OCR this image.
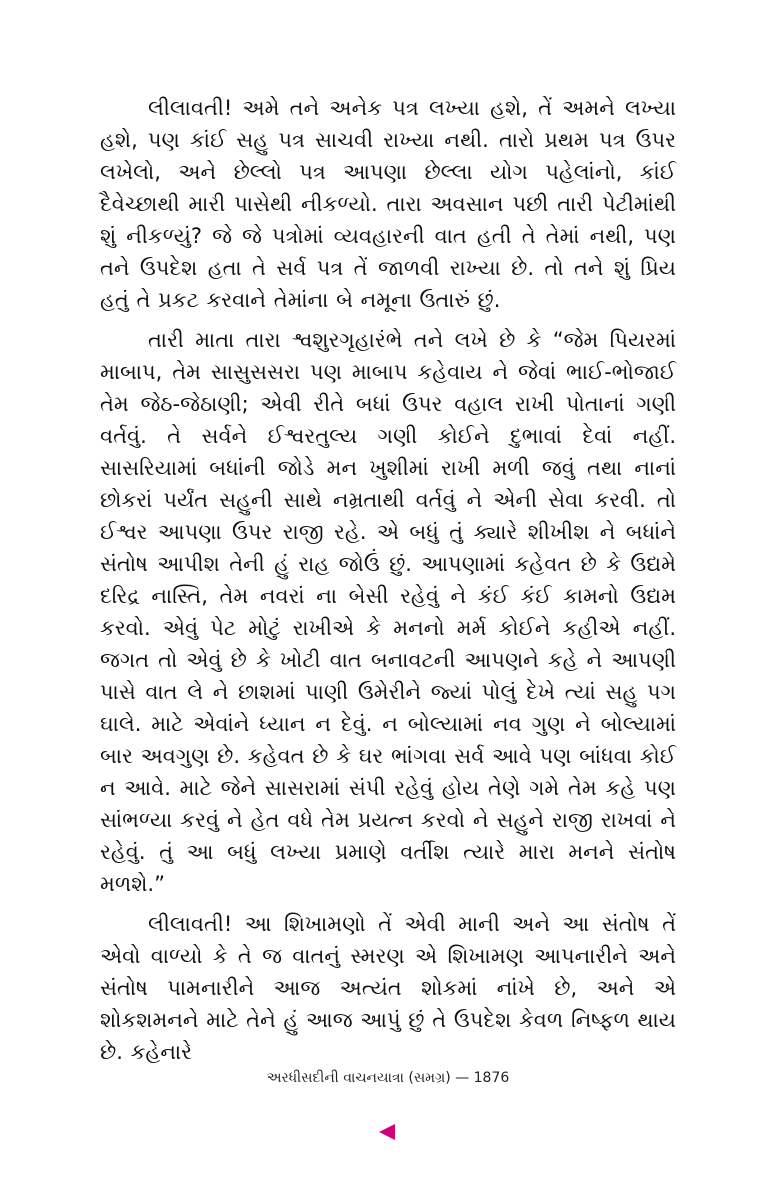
લીલાવતી! અમે તને અનેક પત્ર લખ્યા હશે, તેં અમને લખ્યા હશે, પણ કાંઈ સહુ પત્ર સાચવી રાખ્યા નથી. તારો પ્રથમ પત્ર ઉપર લખેલો, અને છેલ્લો પત્ર આપણા છેલ્લા યોગ પહેલાંનો, કાંઈ દૈવેચ્છાથી મારી પાસેથી નીકળ્યો. તારા અવસાન પછી તારી પેટીમાંથી શું નીકળ્યું? જે જે પત્રોમાં વ્યવહારની વાત હતી તે તેમાં નથી, પણ તને ઉપદેશ હતા તે સર્વ પત્ર તેં જાળવી રાખ્યા છે. તો તને શું પ્રિય હતું તે પ્રકટ કરવાને તેમાંના બે નમૂના ઉતારું છું.

તારી માતા તારા શ્વશુરગૃહારંભે તને લખે છે કે “જેમ પિયરમાં માબાપ, તેમ સાસુસસરા પણ માબાપ કહેવાય ને જેવાં ભાઈ-ભોજાઈ તેમ જેઠ-જેઠાણી; એવી રીતે બધાં ઉપર વહાલ રાખી પોતાનાં ગણી વર્તવું. તે સર્વને ઈશ્વરતુલ્ય ગણી કોઈને દુભાવાં દેવાં નહીં. સાસરિયામાં બધાંની જોડે મન ખુશીમાં રાખી મળી જવું તથા નાનાં છોકરાં પર્યંત સહુની સાથે નમ્રતાથી વર્તવું ને એની સેવા કરવી. તો ઈશ્વર આપણા ઉપર રાજી રહે. એ બધું તું ક્યારે શીખીશ ને બધાંને સંતોષ આપીશ તેની હું રાહ જોઉં છું. આપણામાં કહેવત છે કે ઉદ્યમે દરિદ્ર નાસ્તિ, તેમ નવરાં ના બેસી રહેવું ને કંઈ કંઈ કામનો ઉદ્યમ કરવો. એવું પેટ મોટું રાખીએ કે મનનો મર્મ કોઈને કહીએ નહીં. જગત તો એવું છે કે ખોટી વાત બનાવટની આપણને કહે ને આપણી પાસે વાત લે ને છાશમાં પાણી ઉમેરીને જ્યાં પોલું દેખે ત્યાં સહુ પગ ઘાલે. માટે એવાંને ધ્યાન ન દેવું. ન બોલ્યામાં નવ ગુણ ને બોલ્યામાં બાર અવગુણ છે. કહેવત છે કે ઘર ભાંગવા સર્વ આવે પણ બાંધવા કોઈ ન આવે. માટે જેને સાસરામાં સંપી રહેવું હોય તેણે ગમે તેમ કહે પણ સાંભળ્યા કરવું ને હેત વધે તેમ પ્રયત્ન કરવો ને સહુને રાજી રાખવાં ને રહેવું. તું આ બધું લખ્યા પ્રમાણે વર્તીશ ત્યારે મારા મનને સંતોષ મળશે.”

લીલાવતી! આ શિખામણો તેં એવી માની અને આ સંતોષ તેં એવો વાળ્યો કે તે જ વાતનું સ્મરણ એ શિખામણ આપનારીને અને સંતોષ પામનારીને આજ અત્યંત શોકમાં નાંખે છે, અને એ શોકશમનને માટે તેને હું આજ આપું છું તે ઉપદેશ કેવળ નિષ્ફળ થાય છે. કહેનારે

અરધીસદીની વાચનયાત્રા (સમગ્ર) — 1876
